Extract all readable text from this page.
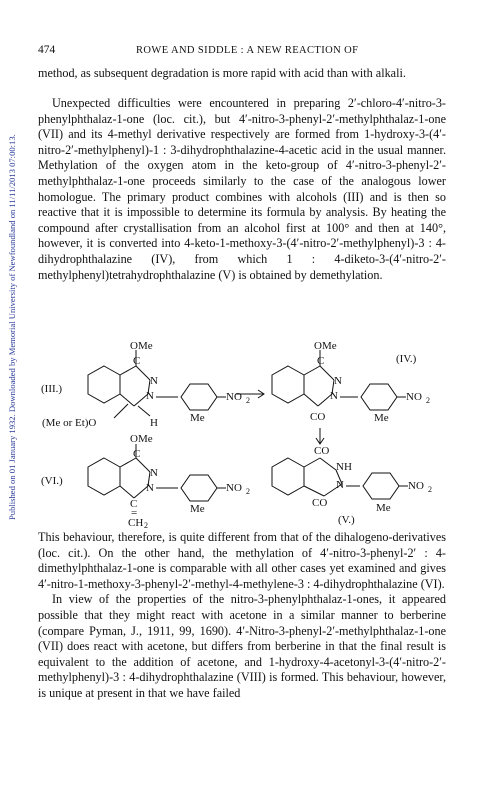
Published on 01 January 1932. Downloaded by Memorial University of Newfoundland on 11/11/2013 07:00:13.
474	ROWE AND SIDDLE : A NEW REACTION OF

method, as subsequent degradation is more rapid with acid than with alkali.

Unexpected difficulties were encountered in preparing 2′-chloro-4′-nitro-3-phenylphthalaz-1-one (loc. cit.), but 4′-nitro-3-phenyl-2′-methylphthalaz-1-one (VII) and its 4-methyl derivative respectively are formed from 1-hydroxy-3-(4′-nitro-2′-methylphenyl)-1 : 3-dihydrophthalazine-4-acetic acid in the usual manner. Methylation of the oxygen atom in the keto-group of 4′-nitro-3-phenyl-2′-methylphthalaz-1-one proceeds similarly to the case of the analogous lower homologue. The primary product combines with alcohols (III) and is then so reactive that it is impossible to determine its formula by analysis. By heating the compound after crystallisation from an alcohol first at 100° and then at 140°, however, it is converted into 4-keto-1-methoxy-3-(4′-nitro-2′-methylphenyl)-3 : 4-dihydrophthalazine (IV), from which 1 : 4-diketo-3-(4′-nitro-2′-methylphenyl)tetrahydrophthalazine (V) is obtained by demethylation.

(III.)
OMe
C
N
N	NO 2
Me
(Me or Et)O	H
(IV.)
OMe
C
N
N	NO 2
CO	Me
(VI.)
OMe
C
N
N	NO 2
Me
C
=
CH 2
CO
NH
N	NO 2
CO	Me
(V.)

This behaviour, therefore, is quite different from that of the dihalogeno-derivatives (loc. cit.). On the other hand, the methylation of 4′-nitro-3-phenyl-2′ : 4-dimethylphthalaz-1-one is comparable with all other cases yet examined and gives 4′-nitro-1-methoxy-3-phenyl-2′-methyl-4-methylene-3 : 4-dihydrophthalazine (VI).

In view of the properties of the nitro-3-phenylphthalaz-1-ones, it appeared possible that they might react with acetone in a similar manner to berberine (compare Pyman, J., 1911, 99, 1690). 4′-Nitro-3-phenyl-2′-methylphthalaz-1-one (VII) does react with acetone, but differs from berberine in that the final result is equivalent to the addition of acetone, and 1-hydroxy-4-acetonyl-3-(4′-nitro-2′-methylphenyl)-3 : 4-dihydrophthalazine (VIII) is formed. This behaviour, however, is unique at present in that we have failed
